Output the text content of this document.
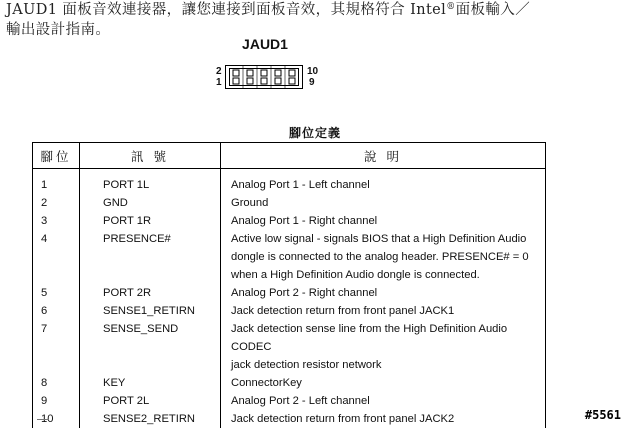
JAUD1 面板音效連接器，讓您連接到面板音效，其規格符合 Intel®面板輸入／
輸出設計指南。
JAUD1
2
1
10
9
腳位定義
腳位	訊 號	說 明
1	PORT 1L	Analog Port 1 - Left channel

2	GND	Ground

3	PORT 1R	Analog Port 1 - Right channel

4	PRESENCE#	Active low signal - signals BIOS that a High Definition Audio
dongle is connected to the analog header. PRESENCE# = 0
when a High Definition Audio dongle is connected.

5	PORT 2R	Analog Port 2 - Right channel

6	SENSE1_RETIRN	Jack detection return from front panel JACK1

7	SENSE_SEND	Jack detection sense line from the High Definition Audio CODEC
jack detection resistor network

8	KEY	ConnectorKey

9	PORT 2L	Analog Port 2 - Left channel

10	SENSE2_RETIRN	Jack detection return from front panel JACK2

			#5561
